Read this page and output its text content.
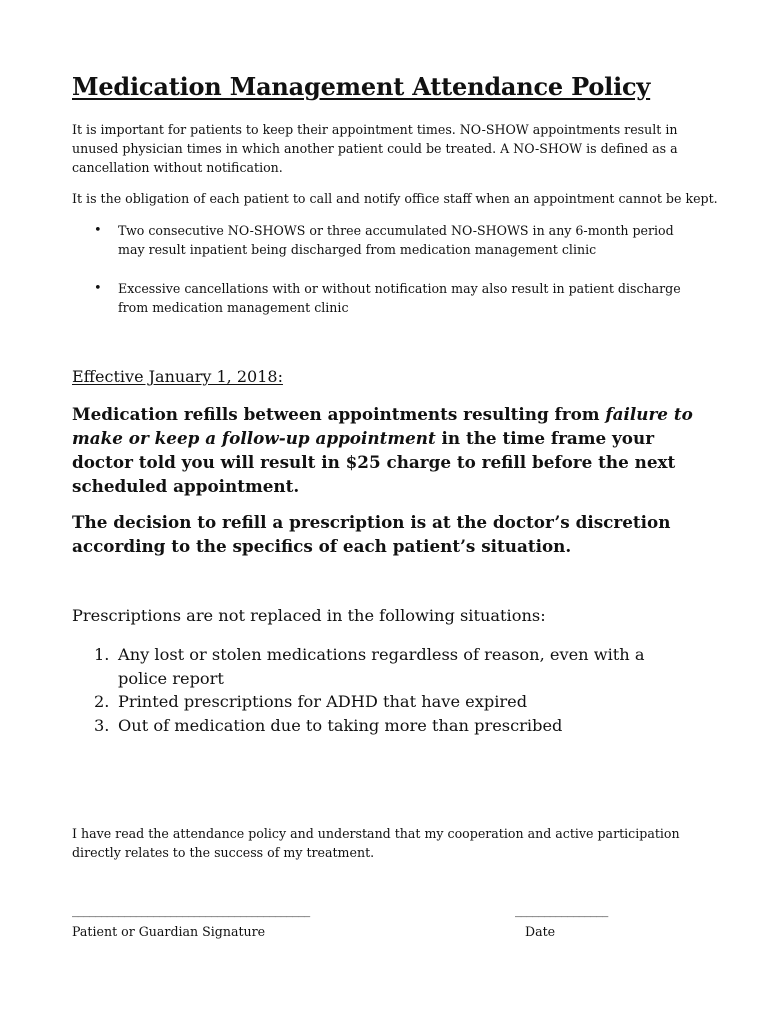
Medication Management Attendance Policy

It is important for patients to keep their appointment times. NO-SHOW appointments result in unused physician times in which another patient could be treated. A NO-SHOW is defined as a cancellation without notification.

It is the obligation of each patient to call and notify office staff when an appointment cannot be kept.

• Two consecutive NO-SHOWS or three accumulated NO-SHOWS in any 6-month period may result inpatient being discharged from medication management clinic
• Excessive cancellations with or without notification may also result in patient discharge from medication management clinic

Effective January 1, 2018:

Medication refills between appointments resulting from failure to make or keep a follow-up appointment in the time frame your doctor told you will result in $25 charge to refill before the next scheduled appointment.

The decision to refill a prescription is at the doctor’s discretion according to the specifics of each patient’s situation.

Prescriptions are not replaced in the following situations:

1. Any lost or stolen medications regardless of reason, even with a police report
2. Printed prescriptions for ADHD that have expired
3. Out of medication due to taking more than prescribed

I have read the attendance policy and understand that my cooperation and active participation directly relates to the success of my treatment.

_________________________________________	________________
Patient or Guardian Signature	Date
